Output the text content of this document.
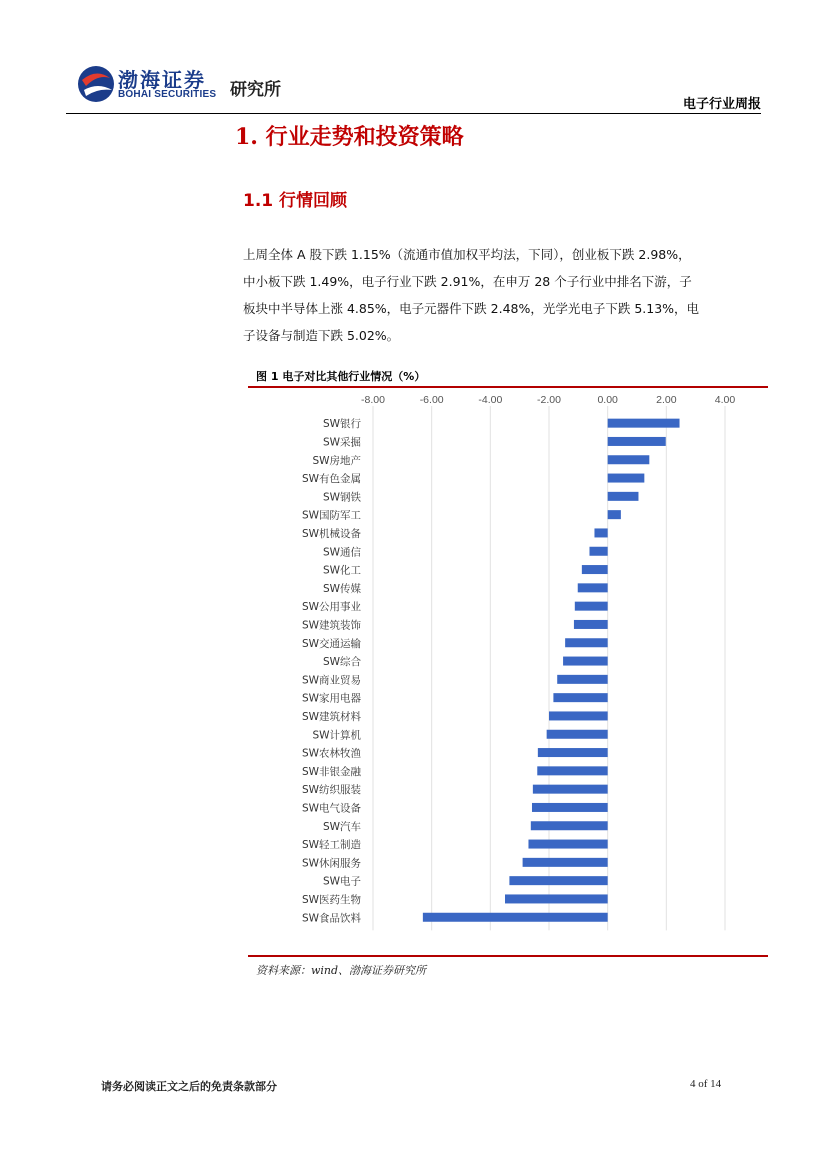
渤海证券
BOHAI SECURITIES 研究所
电子行业周报
1. 行业走势和投资策略
1.1 行情回顾

上周全体 A 股下跌 1.15%（流通市值加权平均法，下同），创业板下跌 2.98%，

中小板下跌 1.49%，电子行业下跌 2.91%，在申万 28 个子行业中排名下游，子

板块中半导体上涨 4.85%，电子元器件下跌 2.48%，光学光电子下跌 5.13%，电

子设备与制造下跌 5.02%。

图 1 电子对比其他行业情况（%）
-8.00	-6.00	-4.00	-2.00	0.00	2.00	4.00
SW银行
SW采掘
SW房地产
SW有色金属
SW钢铁
SW国防军工
SW机械设备
SW通信
SW化工
SW传媒
SW公用事业
SW建筑装饰
SW交通运输
SW综合
SW商业贸易
SW家用电器
SW建筑材料
SW计算机
SW农林牧渔
SW非银金融
SW纺织服装
SW电气设备
SW汽车
SW轻工制造
SW休闲服务
SW电子
SW医药生物
SW食品饮料
资料来源：wind、渤海证券研究所
请务必阅读正文之后的免责条款部分	4 of 14
